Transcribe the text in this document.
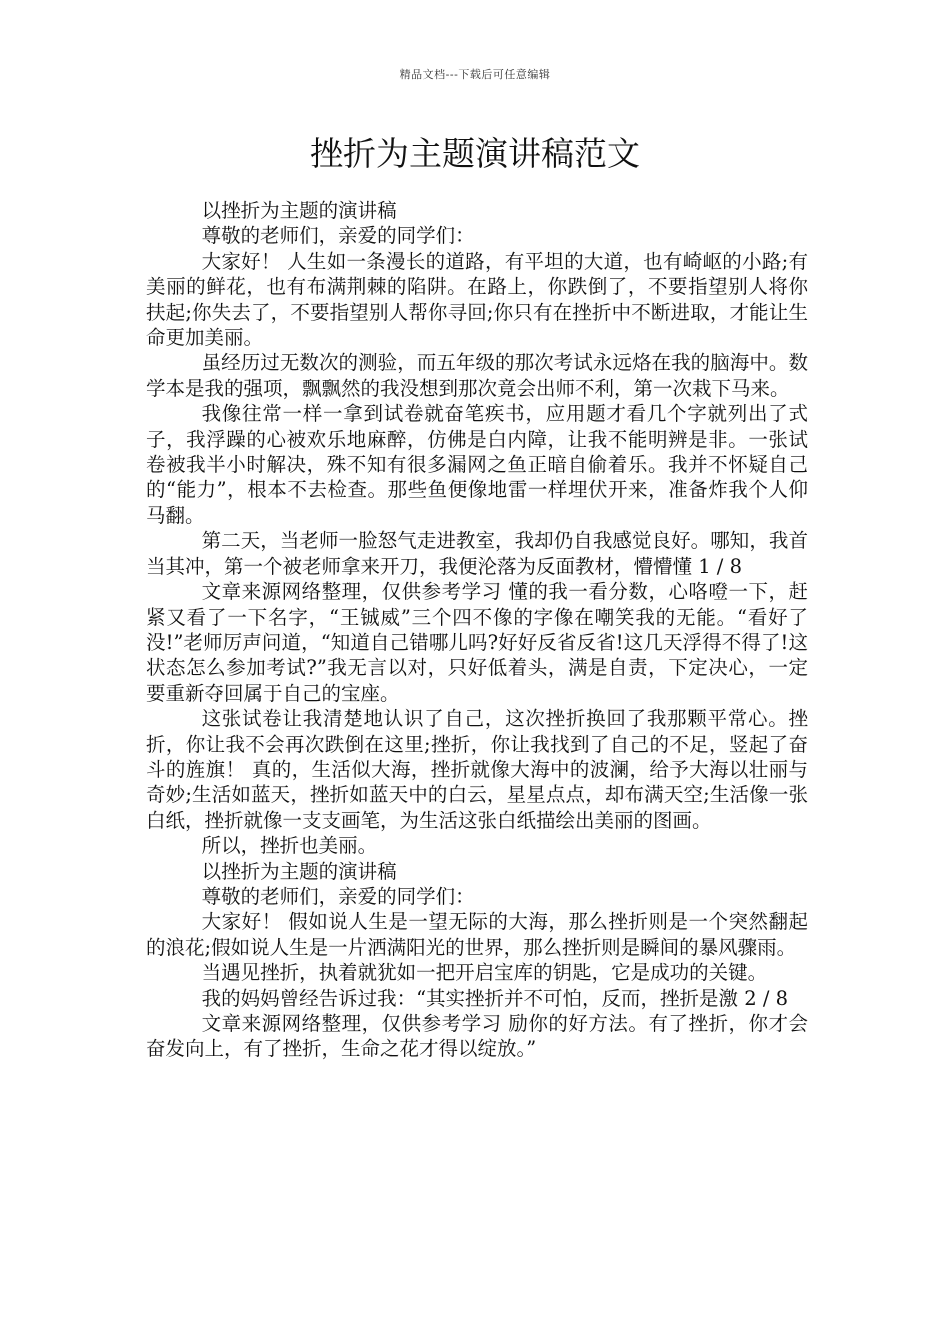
精品文档---下载后可任意编辑
挫折为主题演讲稿范文

以挫折为主题的演讲稿

尊敬的老师们，亲爱的同学们：

大家好！ 人生如一条漫长的道路，有平坦的大道，也有崎岖的小路;有美丽的鲜花，也有布满荆棘的陷阱。在路上，你跌倒了，不要指望别人将你扶起;你失去了，不要指望别人帮你寻回;你只有在挫折中不断进取，才能让生命更加美丽。

虽经历过无数次的测验，而五年级的那次考试永远烙在我的脑海中。数学本是我的强项，飘飘然的我没想到那次竟会出师不利，第一次栽下马来。

我像往常一样一拿到试卷就奋笔疾书，应用题才看几个字就列出了式子，我浮躁的心被欢乐地麻醉，仿佛是白内障，让我不能明辨是非。一张试卷被我半小时解决，殊不知有很多漏网之鱼正暗自偷着乐。我并不怀疑自己的“能力”，根本不去检查。那些鱼便像地雷一样埋伏开来，准备炸我个人仰马翻。

第二天，当老师一脸怒气走进教室，我却仍自我感觉良好。哪知，我首当其冲，第一个被老师拿来开刀，我便沦落为反面教材，懵懵懂 1 / 8

文章来源网络整理，仅供参考学习 懂的我一看分数，心咯噔一下，赶紧又看了一下名字，“王铖威”三个四不像的字像在嘲笑我的无能。“看好了没!”老师厉声问道，“知道自己错哪儿吗?好好反省反省!这几天浮得不得了!这状态怎么参加考试?”我无言以对，只好低着头，满是自责，下定决心，一定要重新夺回属于自己的宝座。

这张试卷让我清楚地认识了自己，这次挫折换回了我那颗平常心。挫折，你让我不会再次跌倒在这里;挫折，你让我找到了自己的不足，竖起了奋斗的旌旗！ 真的，生活似大海，挫折就像大海中的波澜，给予大海以壮丽与奇妙;生活如蓝天，挫折如蓝天中的白云，星星点点，却布满天空;生活像一张白纸，挫折就像一支支画笔，为生活这张白纸描绘出美丽的图画。

所以，挫折也美丽。

以挫折为主题的演讲稿

尊敬的老师们，亲爱的同学们：

大家好！ 假如说人生是一望无际的大海，那么挫折则是一个突然翻起的浪花;假如说人生是一片洒满阳光的世界，那么挫折则是瞬间的暴风骤雨。

当遇见挫折，执着就犹如一把开启宝库的钥匙，它是成功的关键。

我的妈妈曾经告诉过我：“其实挫折并不可怕，反而，挫折是激 2 / 8

文章来源网络整理，仅供参考学习 励你的好方法。有了挫折，你才会奋发向上，有了挫折，生命之花才得以绽放。”
